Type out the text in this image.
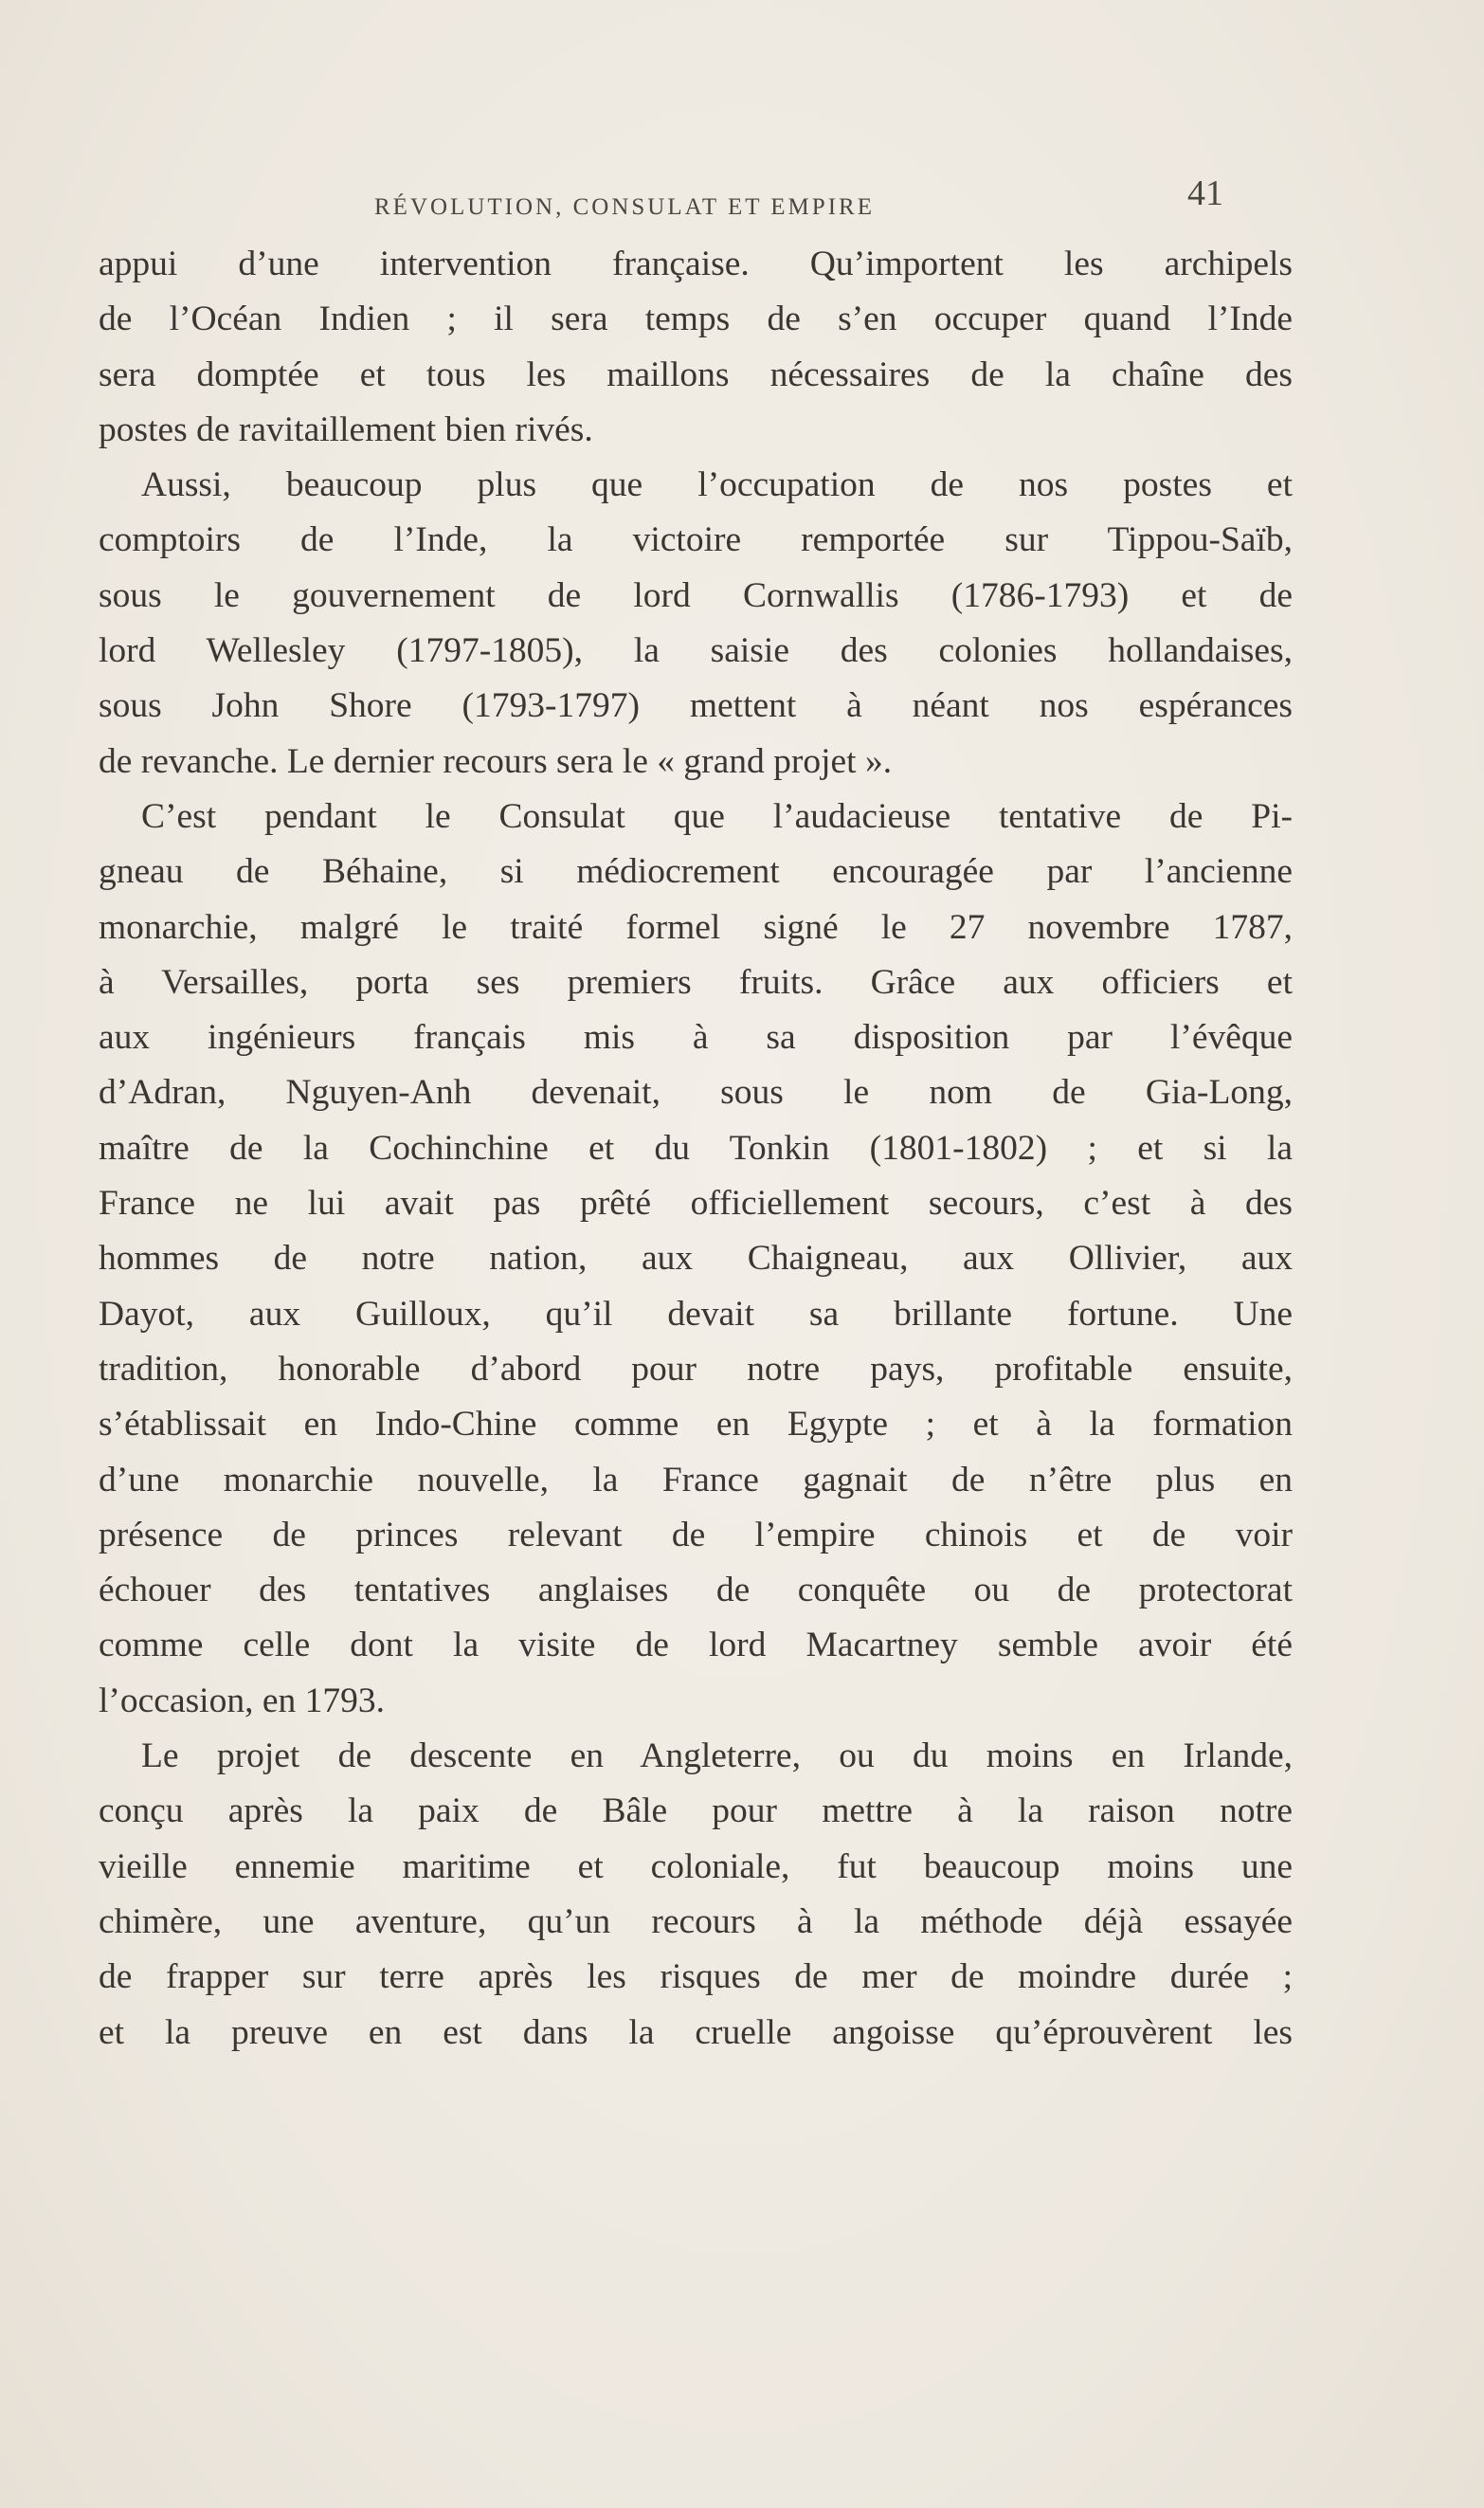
RÉVOLUTION, CONSULAT ET EMPIRE	41
appui d’une intervention française. Qu’importent les archipels
de l’Océan Indien ; il sera temps de s’en occuper quand l’Inde
sera domptée et tous les maillons nécessaires de la chaîne des
postes de ravitaillement bien rivés.
Aussi, beaucoup plus que l’occupation de nos postes et
comptoirs de l’Inde, la victoire remportée sur Tippou-Saïb,
sous le gouvernement de lord Cornwallis (1786-1793) et de
lord Wellesley (1797-1805), la saisie des colonies hollandaises,
sous John Shore (1793-1797) mettent à néant nos espérances
de revanche. Le dernier recours sera le « grand projet ».
C’est pendant le Consulat que l’audacieuse tentative de Pi-
gneau de Béhaine, si médiocrement encouragée par l’ancienne
monarchie, malgré le traité formel signé le 27 novembre 1787,
à Versailles, porta ses premiers fruits. Grâce aux officiers et
aux ingénieurs français mis à sa disposition par l’évêque
d’Adran, Nguyen-Anh devenait, sous le nom de Gia-Long,
maître de la Cochinchine et du Tonkin (1801-1802) ; et si la
France ne lui avait pas prêté officiellement secours, c’est à des
hommes de notre nation, aux Chaigneau, aux Ollivier, aux
Dayot, aux Guilloux, qu’il devait sa brillante fortune. Une
tradition, honorable d’abord pour notre pays, profitable ensuite,
s’établissait en Indo-Chine comme en Egypte ; et à la formation
d’une monarchie nouvelle, la France gagnait de n’être plus en
présence de princes relevant de l’empire chinois et de voir
échouer des tentatives anglaises de conquête ou de protectorat
comme celle dont la visite de lord Macartney semble avoir été
l’occasion, en 1793.
Le projet de descente en Angleterre, ou du moins en Irlande,
conçu après la paix de Bâle pour mettre à la raison notre
vieille ennemie maritime et coloniale, fut beaucoup moins une
chimère, une aventure, qu’un recours à la méthode déjà essayée
de frapper sur terre après les risques de mer de moindre durée ;
et la preuve en est dans la cruelle angoisse qu’éprouvèrent les
